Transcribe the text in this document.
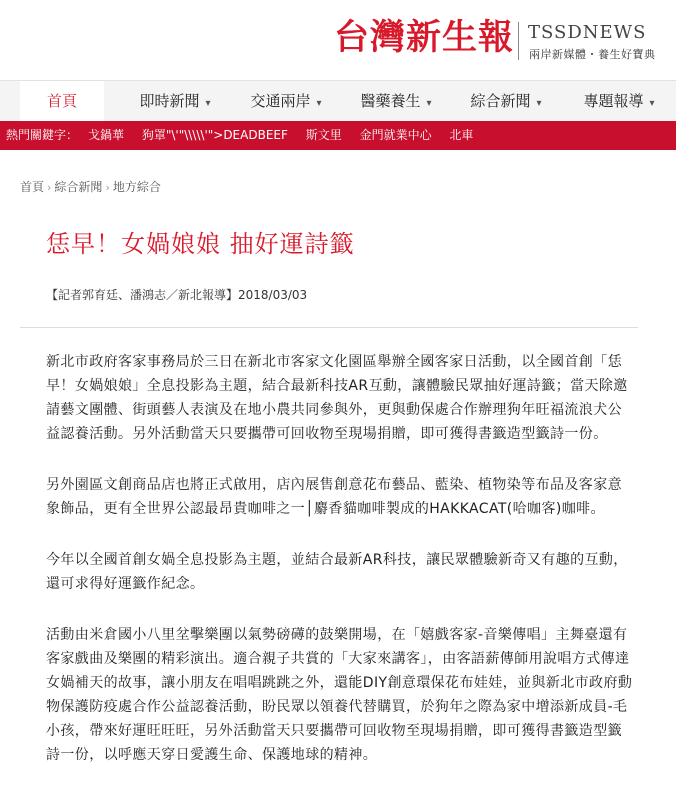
台灣新生報 TSSDNEWS
兩岸新媒體・養生好寶典
首頁	即時新聞 ▾	交通兩岸 ▾	醫藥養生 ▾	綜合新聞 ▾	專題報導 ▾
熱門關鍵字： 戈鍋華 狗罩"\'"\\\\\'">DEADBEEF 斯文里 金門就業中心 北車
首頁 › 綜合新聞 › 地方綜合
恁早！女媧娘娘 抽好運詩籤
【記者郭育廷、潘鴻志／新北報導】2018/03/03

新北市政府客家事務局於三日在新北市客家文化園區舉辦全國客家日活動，以全國首創「恁早！女媧娘娘」全息投影為主題，結合最新科技AR互動，讓體驗民眾抽好運詩籤；當天除邀請藝文團體、街頭藝人表演及在地小農共同參與外，更與動保處合作辦理狗年旺福流浪犬公益認養活動。另外活動當天只要攜帶可回收物至現場捐贈，即可獲得書籤造型籤詩一份。

另外園區文創商品店也將正式啟用，店內展售創意花布藝品、藍染、植物染等布品及客家意象飾品，更有全世界公認最昂貴咖啡之一│麝香貓咖啡製成的HAKKACAT(哈咖客)咖啡。

今年以全國首創女媧全息投影為主題，並結合最新AR科技，讓民眾體驗新奇又有趣的互動，還可求得好運籤作紀念。

活動由米倉國小八里坌擊樂團以氣勢磅礡的鼓樂開場，在「嬉戲客家-音樂傳唱」主舞臺還有客家戲曲及樂團的精彩演出。適合親子共賞的「大家來講客」，由客語薪傳師用說唱方式傳達女媧補天的故事，讓小朋友在唱唱跳跳之外，還能DIY創意環保花布娃娃，並與新北市政府動物保護防疫處合作公益認養活動，盼民眾以領養代替購買，於狗年之際為家中增添新成員-毛小孩，帶來好運旺旺旺，另外活動當天只要攜帶可回收物至現場捐贈，即可獲得書籤造型籤詩一份，以呼應天穿日愛護生命、保護地球的精神。
